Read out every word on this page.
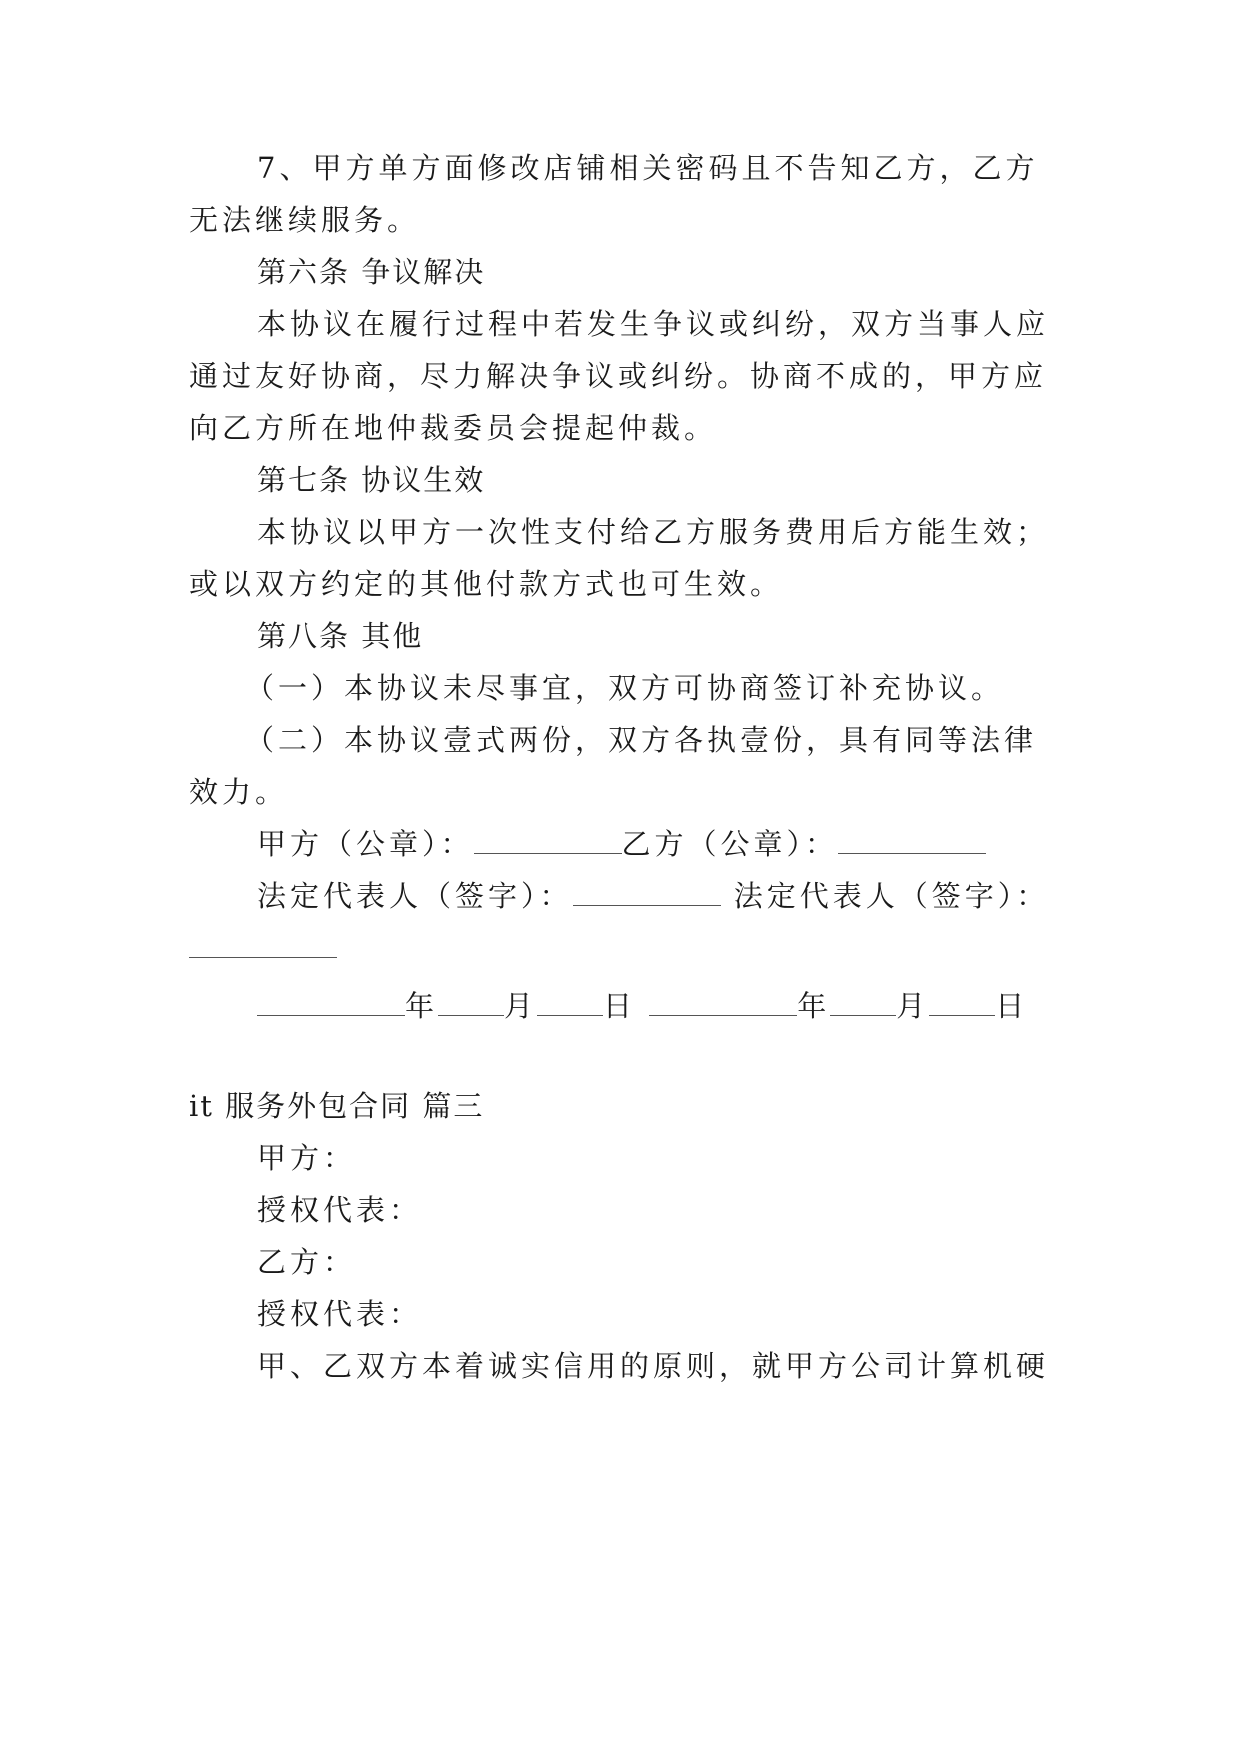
7、甲方单方面修改店铺相关密码且不告知乙方，乙方
无法继续服务。
第六条 争议解决
本协议在履行过程中若发生争议或纠纷，双方当事人应
通过友好协商，尽力解决争议或纠纷。协商不成的，甲方应
向乙方所在地仲裁委员会提起仲裁。
第七条 协议生效
本协议以甲方一次性支付给乙方服务费用后方能生效；
或以双方约定的其他付款方式也可生效。
第八条 其他
（一）本协议未尽事宜，双方可协商签订补充协议。
（二）本协议壹式两份，双方各执壹份，具有同等法律
效力。
甲方（公章）：	乙方（公章）：
法定代表人（签字）：	法定代表人（签字）：
年 月 日	年 月 日
it 服务外包合同 篇三
甲方：
授权代表：
乙方：
授权代表：
甲、乙双方本着诚实信用的原则，就甲方公司计算机硬
